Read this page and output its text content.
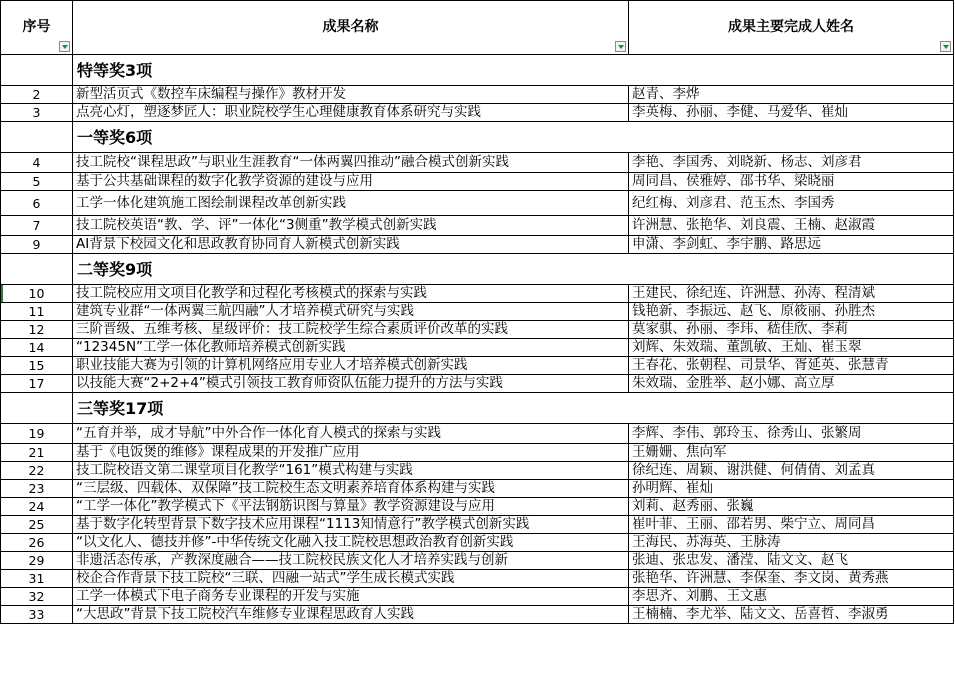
序号	成果名称	成果主要完成人姓名

	特等奖3项	
2	新型活页式《数控车床编程与操作》教材开发	赵青、李烨
3	点亮心灯，塑逐梦匠人：职业院校学生心理健康教育体系研究与实践	李英梅、孙丽、李健、马爱华、崔灿
	一等奖6项	
4	技工院校“课程思政”与职业生涯教育“一体两翼四推动”融合模式创新实践	李艳、李国秀、刘晓新、杨志、刘彦君
5	基于公共基础课程的数字化教学资源的建设与应用	周同昌、侯雅婷、邵书华、梁晓丽
6	工学一体化建筑施工图绘制课程改革创新实践	纪红梅、刘彦君、范玉杰、李国秀
7	技工院校英语“教、学、评”一体化“3侧重”教学模式创新实践	许洲慧、张艳华、刘良震、王楠、赵淑霞
9	AI背景下校园文化和思政教育协同育人新模式创新实践	申潇、李剑虹、李宇鹏、路思远
	二等奖9项	
10	技工院校应用文项目化教学和过程化考核模式的探索与实践	王建民、徐纪连、许洲慧、孙涛、程清斌
11	建筑专业群“一体两翼三航四融”人才培养模式研究与实践	钱艳新、李振远、赵飞、原筱丽、孙胜杰
12	三阶晋级、五维考核、星级评价：技工院校学生综合素质评价改革的实践	莫家骐、孙丽、李玮、嵇佳欣、李莉
14	“12345N”工学一体化教师培养模式创新实践	刘辉、朱效瑞、董凯敏、王灿、崔玉翠
15	职业技能大赛为引领的计算机网络应用专业人才培养模式创新实践	王春花、张朝程、司景华、胥延英、张慧青
17	以技能大赛“2+2+4”模式引领技工教育师资队伍能力提升的方法与实践	朱效瑞、金胜举、赵小娜、高立厚
	三等奖17项	
19	“五育并举，成才导航”中外合作一体化育人模式的探索与实践	李辉、李伟、郭玲玉、徐秀山、张繁周
21	基于《电饭煲的维修》课程成果的开发推广应用	王姗姗、焦向军
22	技工院校语文第二课堂项目化教学“161”模式构建与实践	徐纪连、周颖、谢洪健、何倩倩、刘孟真
23	“三层级、四载体、双保障”技工院校生态文明素养培育体系构建与实践	孙明辉、崔灿
24	“工学一体化”教学模式下《平法钢筋识图与算量》教学资源建设与应用	刘莉、赵秀丽、张巍
25	基于数字化转型背景下数字技术应用课程“1113知情意行”教学模式创新实践	崔叶菲、王丽、邵若男、柴宁立、周同昌
26	“以文化人、德技并修”-中华传统文化融入技工院校思想政治教育创新实践	王海民、苏海英、王脉涛
29	非遗活态传承，产教深度融合——技工院校民族文化人才培养实践与创新	张迪、张忠发、潘滢、陆文文、赵飞
31	校企合作背景下技工院校“三联、四融一站式”学生成长模式实践	张艳华、许洲慧、李保奎、李文岗、黄秀燕
32	工学一体模式下电子商务专业课程的开发与实施	李思齐、刘鹏、王文惠
33	“大思政”背景下技工院校汽车维修专业课程思政育人实践	王楠楠、李尤举、陆文文、岳喜哲、李淑勇
